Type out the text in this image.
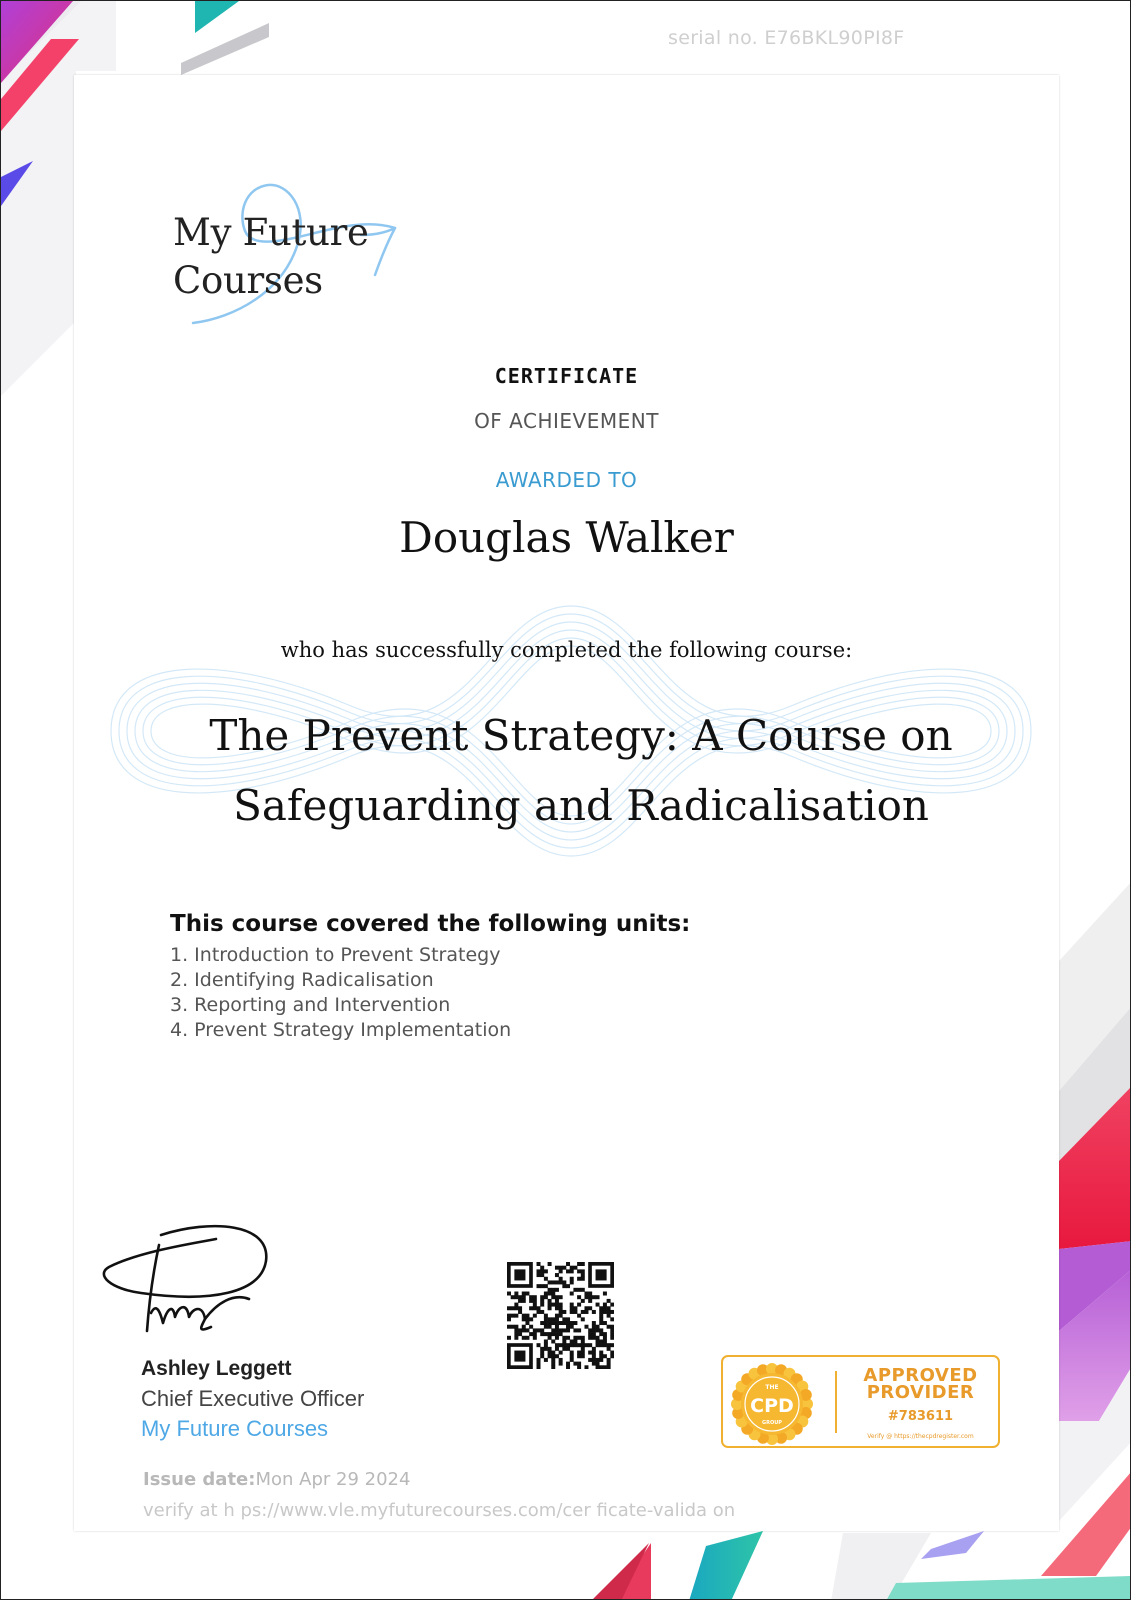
serial no. E76BKL90PI8F
My Future
Courses
CERTIFICATE
OF ACHIEVEMENT
AWARDED TO
Douglas Walker
who has successfully completed the following course:
The Prevent Strategy: A Course on Safeguarding and Radicalisation
This course covered the following units:
1. Introduction to Prevent Strategy
2. Identifying Radicalisation
3. Reporting and Intervention
4. Prevent Strategy Implementation
Ashley Leggett
Chief Executive Officer
My Future Courses
THE
CPD
GROUP
APPROVED PROVIDER
#783611
Verify @ https://thecpdregister.com
Issue date:Mon Apr 29 2024
verify at h ps://www.vle.myfuturecourses.com/cer ficate-valida on
